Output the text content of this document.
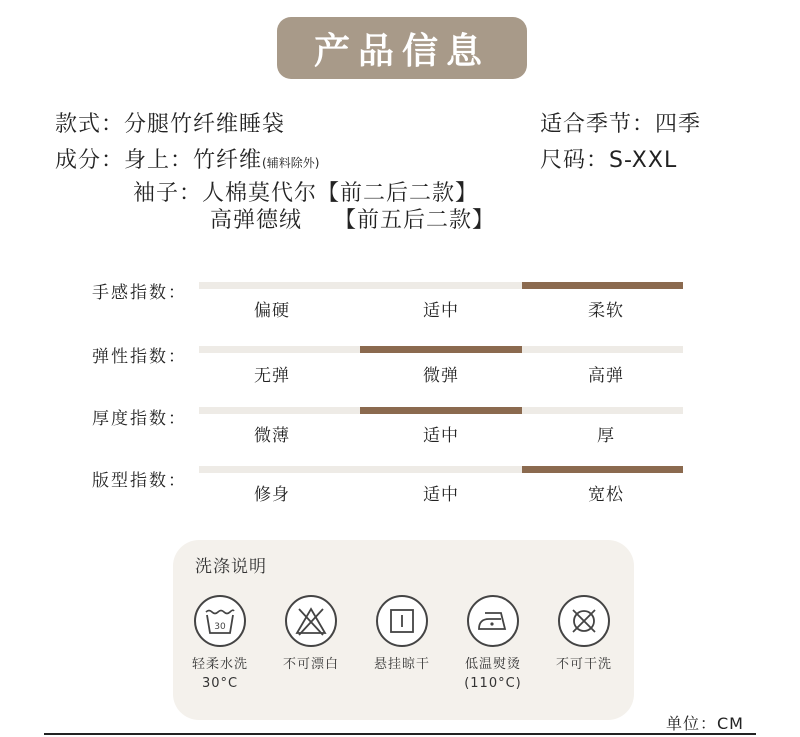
产品信息
款式：分腿竹纤维睡袋	适合季节：四季
成分：身上：竹纤维(辅料除外)	尺码：S-XXL
袖子：人棉莫代尔【前二后二款】
高弹德绒    【前五后二款】
手感指数：
偏硬	适中	柔软
弹性指数：
无弹	微弹	高弹
厚度指数：
微薄	适中	厚
版型指数：
修身	适中	宽松
洗涤说明
30
轻柔水洗
30°C
不可漂白	悬挂晾干	低温熨烫
(110°C)
不可干洗
单位：CM
